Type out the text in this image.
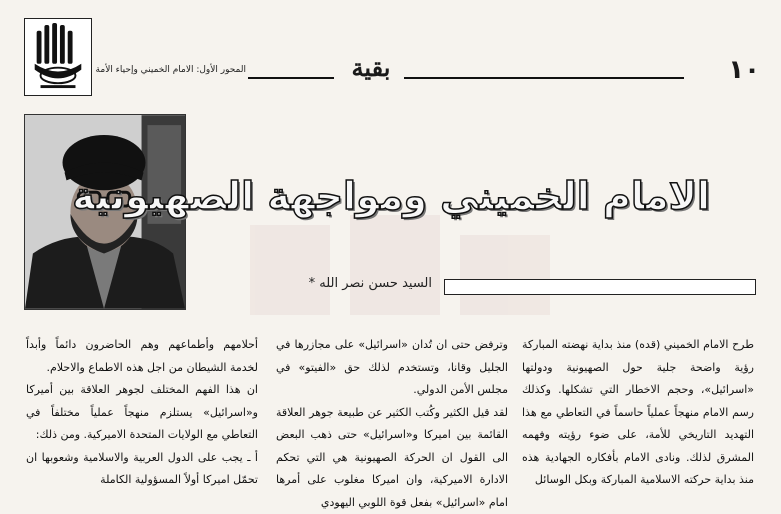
المحور الأول: الامام الخميني وإحياء الأمة	بقية	١٠
الامام الخميني ومواجهة الصهيونية
السيد حسن نصر الله *

طرح الامام الخميني (قده) منذ بداية نهضته المباركة رؤية واضحة جلية حول الصهيونية ودولتها «اسرائيل»، وحجم الاخطار التي تشكلها. وكذلك رسم الامام منهجاً عملياً حاسماً في التعاطي مع هذا التهديد التاريخي للأمة، على ضوء رؤيته وفهمه المشرق لذلك. ونادى الامام بأفكاره الجهادية هذه منذ بداية حركته الاسلامية المباركة وبكل الوسائل

وترفض حتى ان تُدان «اسرائيل» على مجازرها في الجليل وقانا، وتستخدم لذلك حق «الفيتو» في مجلس الأمن الدولي.

لقد قيل الكثير وكُتب الكثير عن طبيعة جوهر العلاقة القائمة بين اميركا و«اسرائيل» حتى ذهب البعض الى القول ان الحركة الصهيونية هي التي تحكم الادارة الاميركية، وان اميركا مغلوب على أمرها امام «اسرائيل» بفعل قوة اللوبي اليهودي

أحلامهم وأطماعهم وهم الحاضرون دائماً وأبداً لخدمة الشيطان من اجل هذه الاطماع والاحلام.

ان هذا الفهم المختلف لجوهر العلاقة بين أميركا و«اسرائيل» يستلزم منهجاً عملياً مختلفاً في التعاطي مع الولايات المتحدة الاميركية. ومن ذلك:

أ ـ يجب على الدول العربية والاسلامية وشعوبها ان تحمّل اميركا أولاً المسؤولية الكاملة
